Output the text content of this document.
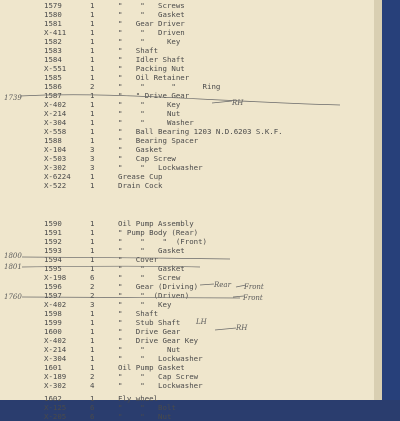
1579	1	"    "   Screws
1580	1	"    "   Gasket
1581	1	"   Gear Driver
X-411	1	"    "   Driven
1582	1	"    "     Key
1583	1	"   Shaft
1584	1	"   Idler Shaft
X-551	1	"   Packing Nut
1585	1	"   Oil Retainer
1586	2	"    "      "      Ring
1587	1	"   " Drive Gear
X-402	1	"    "     Key
X-214	1	"    "     Nut
X-304	1	"    "     Washer
X-558	1	"   Ball Bearing 1203 N.D.6203 S.K.F.
1588	1	"   Bearing Spacer
X-104	3	"   Gasket
X-503	3	"   Cap Screw
X-302	3	"    "   Lockwasher
X-6224	1	Grease Cup
X-522	1	Drain Cock
1590	1	Oil Pump Assembly
1591	1	" Pump Body (Rear)
1592	1	"    "    "  (Front)
1593	1	"    "   Gasket
1594	1	"   Cover
1595	1	"    "   Gasket
X-198	6	"    "   Screw
1596	2	"   Gear (Driving)
1597	2	"    "  (Driven)
X-402	3	"    "   Key
1598	1	"   Shaft
1599	1	"   Stub Shaft
1600	1	"   Drive Gear
X-402	1	"   Drive Gear Key
X-214	1	"    "     Nut
X-304	1	"    "   Lockwasher
1601	1	Oil Pump Gasket
X-189	2	"    "   Cap Screw
X-302	4	"    "   Lockwasher
1602	1	Fly wheel
X-125	6	"    "   Bolt
X-205	6	"    "   Nut
RH
1739
1800
1801
1760
Rear Front
Front
LH
RH
